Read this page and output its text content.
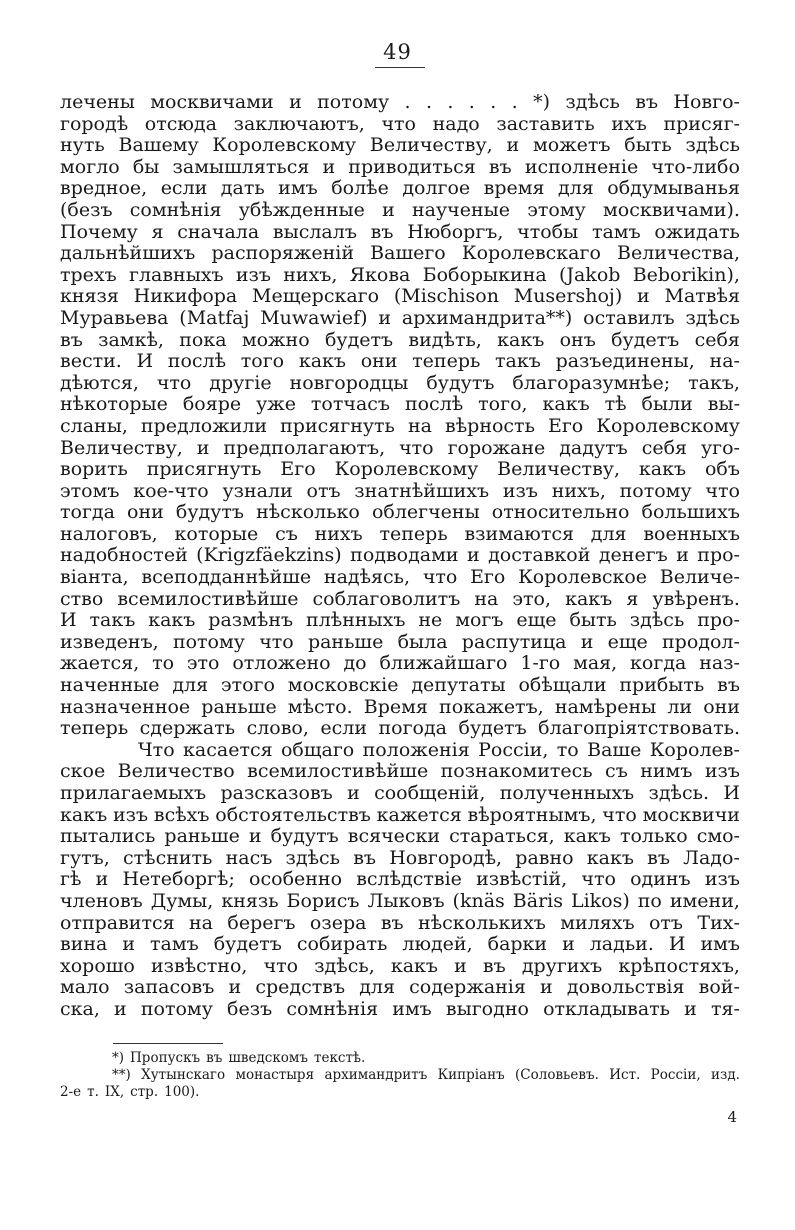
49
лечены москвичами и потому . . . . . . *) здѣсь въ Новго-
городѣ отсюда заключаютъ, что надо заставить ихъ присяг-
нуть Вашему Королевскому Величеству, и можетъ быть здѣсь
могло бы замышляться и приводиться въ исполненіе что-либо
вредное, если дать имъ болѣе долгое время для обдумыванья
(безъ сомнѣнія убѣжденные и наученые этому москвичами).
Почему я сначала выслалъ въ Нюборгъ, чтобы тамъ ожидать
дальнѣйшихъ распоряженій Вашего Королевскаго Величества,
трехъ главныхъ изъ нихъ, Якова Боборыкина (Jakob Beborikin),
князя Никифора Мещерскаго (Mischison Musershoj) и Матвѣя
Муравьева (Matfaj Muwawief) и архимандрита**) оставилъ здѣсь
въ замкѣ, пока можно будетъ видѣть, какъ онъ будетъ себя
вести. И послѣ того какъ они теперь такъ разъединены, на-
дѣются, что другіе новгородцы будутъ благоразумнѣе; такъ,
нѣкоторые бояре уже тотчасъ послѣ того, какъ тѣ были вы-
сланы, предложили присягнуть на вѣрность Его Королевскому
Величеству, и предполагаютъ, что горожане дадутъ себя уго-
ворить присягнуть Его Королевскому Величеству, какъ объ
этомъ кое-что узнали отъ знатнѣйшихъ изъ нихъ, потому что
тогда они будутъ нѣсколько облегчены относительно большихъ
налоговъ, которые съ нихъ теперь взимаются для военныхъ
надобностей (Krigzfäekzins) подводами и доставкой денегъ и про-
віанта, всеподданнѣйше надѣясь, что Его Королевское Величе-
ство всемилостивѣйше соблаговолитъ на это, какъ я увѣренъ.
И такъ какъ размѣнъ плѣнныхъ не могъ еще быть здѣсь про-
изведенъ, потому что раньше была распутица и еще продол-
жается, то это отложено до ближайшаго 1-го мая, когда наз-
наченные для этого московскіе депутаты обѣщали прибыть въ
назначенное раньше мѣсто. Время покажетъ, намѣрены ли они
теперь сдержать слово, если погода будетъ благопріятствовать.
Что касается общаго положенія Россіи, то Ваше Королев-
ское Величество всемилостивѣйше познакомитесь съ нимъ изъ
прилагаемыхъ разсказовъ и сообщеній, полученныхъ здѣсь. И
какъ изъ всѣхъ обстоятельствъ кажется вѣроятнымъ, что москвичи
пытались раньше и будутъ всячески стараться, какъ только смо-
гутъ, стѣснить насъ здѣсь въ Новгородѣ, равно какъ въ Ладо-
гѣ и Нетеборгѣ; особенно вслѣдствіе извѣстій, что одинъ изъ
членовъ Думы, князь Борисъ Лыковъ (knäs Bäris Likos) по имени,
отправится на берегъ озера въ нѣсколькихъ миляхъ отъ Тих-
вина и тамъ будетъ собирать людей, барки и ладьи. И имъ
хорошо извѣстно, что здѣсь, какъ и въ другихъ крѣпостяхъ,
мало запасовъ и средствъ для содержанія и довольствія вой-
ска, и потому безъ сомнѣнія имъ выгодно откладывать и тя-
*) Пропускъ въ шведскомъ текстѣ.
**) Хутынскаго монастыря архимандритъ Кипріанъ (Соловьевъ. Ист. Россіи, изд.
2-е т. IX, стр. 100).
4
